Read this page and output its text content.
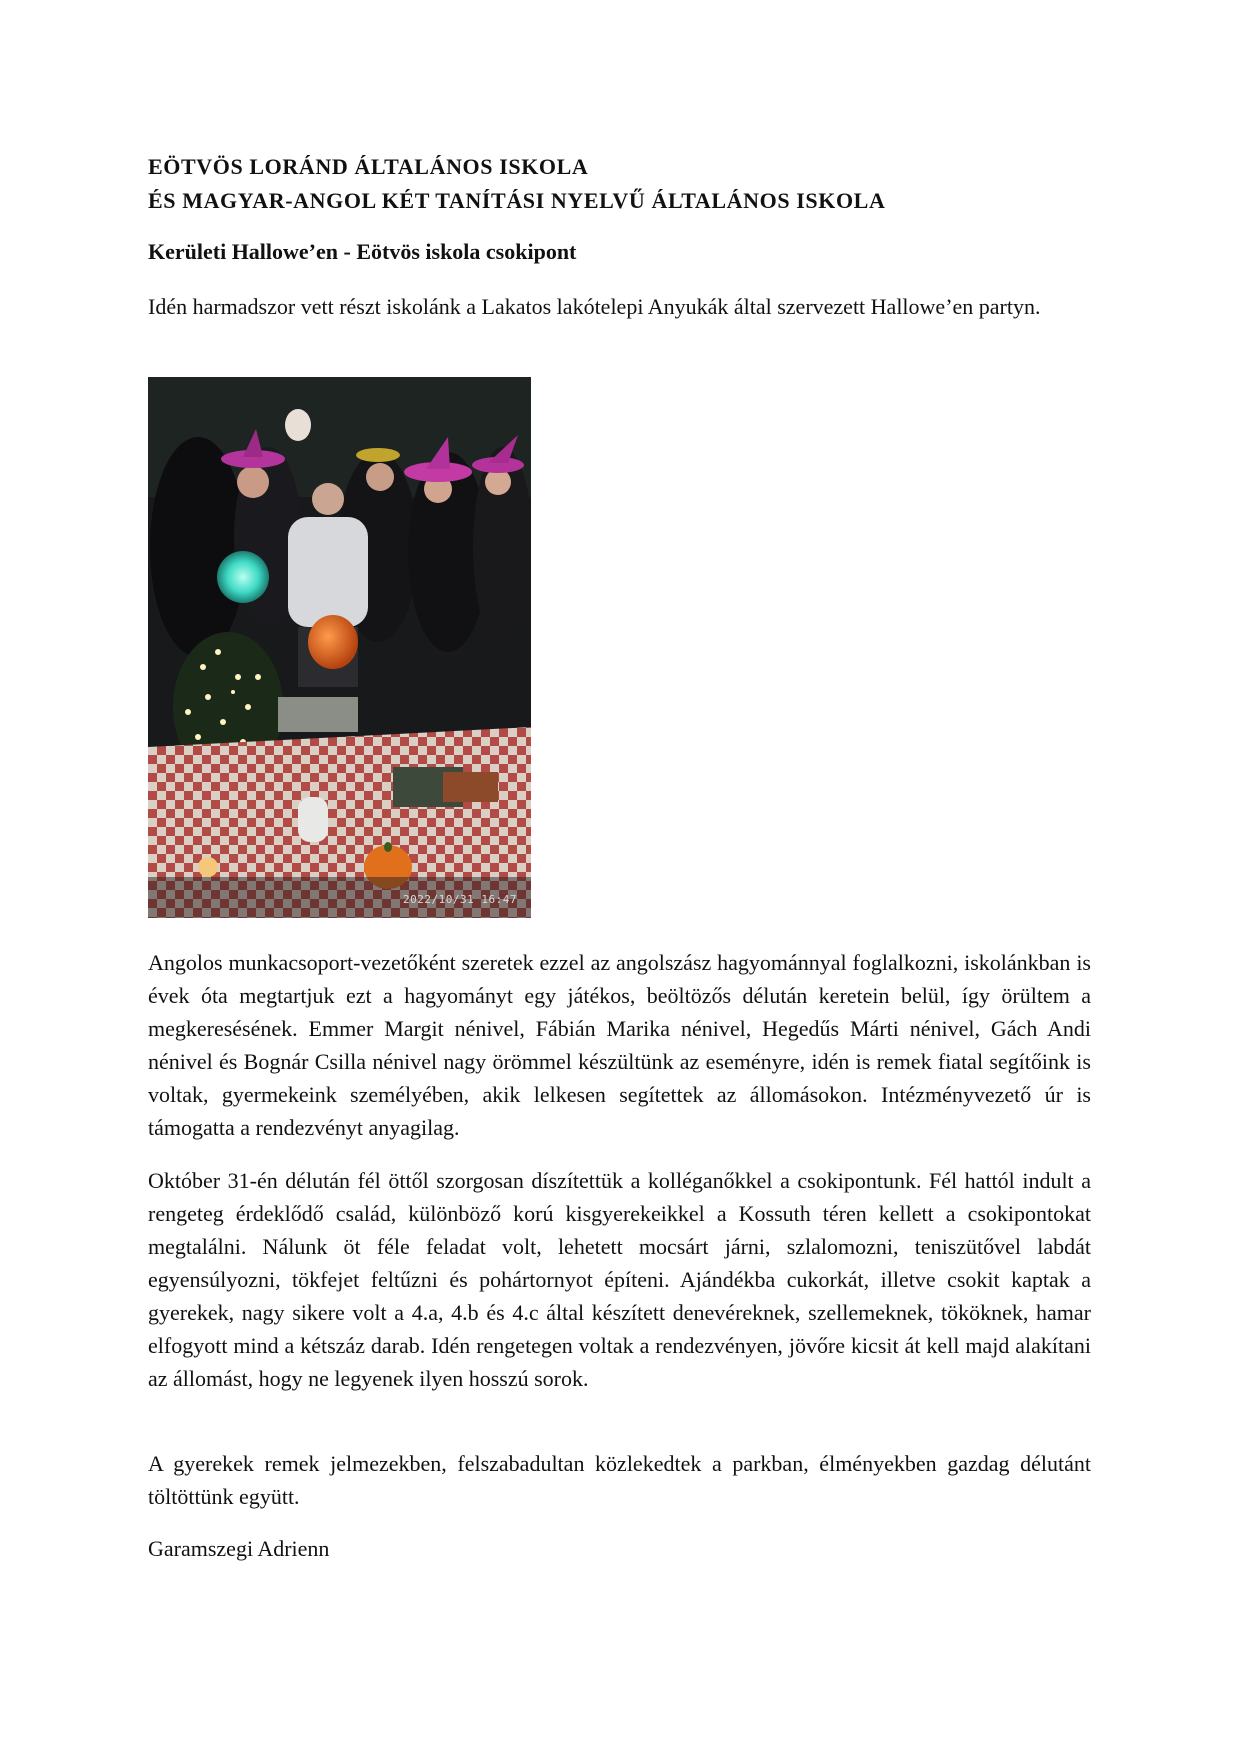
EÖTVÖS LORÁND ÁLTALÁNOS ISKOLA
ÉS MAGYAR-ANGOL KÉT TANÍTÁSI NYELVŰ ÁLTALÁNOS ISKOLA
Kerületi Hallowe’en - Eötvös iskola csokipont

Idén harmadszor vett részt iskolánk a Lakatos lakótelepi Anyukák által szervezett Hallowe’en partyn.

2022/10/31 16:47

Angolos munkacsoport-vezetőként szeretek ezzel az angolszász hagyománnyal foglalkozni, iskolánkban is évek óta megtartjuk ezt a hagyományt egy játékos, beöltözős délután keretein belül, így örültem a megkeresésének. Emmer Margit nénivel, Fábián Marika nénivel, Hegedűs Márti nénivel, Gách Andi nénivel és Bognár Csilla nénivel nagy örömmel készültünk az eseményre, idén is remek fiatal segítőink is voltak, gyermekeink személyében, akik lelkesen segítettek az állomásokon. Intézményvezető úr is támogatta a rendezvényt anyagilag.

Október 31-én délután fél öttől szorgosan díszítettük a kolléganőkkel a csokipontunk. Fél hattól indult a rengeteg érdeklődő család, különböző korú kisgyerekeikkel a Kossuth téren kellett a csokipontokat megtalálni. Nálunk öt féle feladat volt, lehetett mocsárt járni, szlalomozni, teniszütővel labdát egyensúlyozni, tökfejet feltűzni és pohártornyot építeni. Ajándékba cukorkát, illetve csokit kaptak a gyerekek, nagy sikere volt a 4.a, 4.b és 4.c által készített denevéreknek, szellemeknek, tököknek, hamar elfogyott mind a kétszáz darab. Idén rengetegen voltak a rendezvényen, jövőre kicsit át kell majd alakítani az állomást, hogy ne legyenek ilyen hosszú sorok.

A gyerekek remek jelmezekben, felszabadultan közlekedtek a parkban, élményekben gazdag délutánt töltöttünk együtt.

Garamszegi Adrienn
